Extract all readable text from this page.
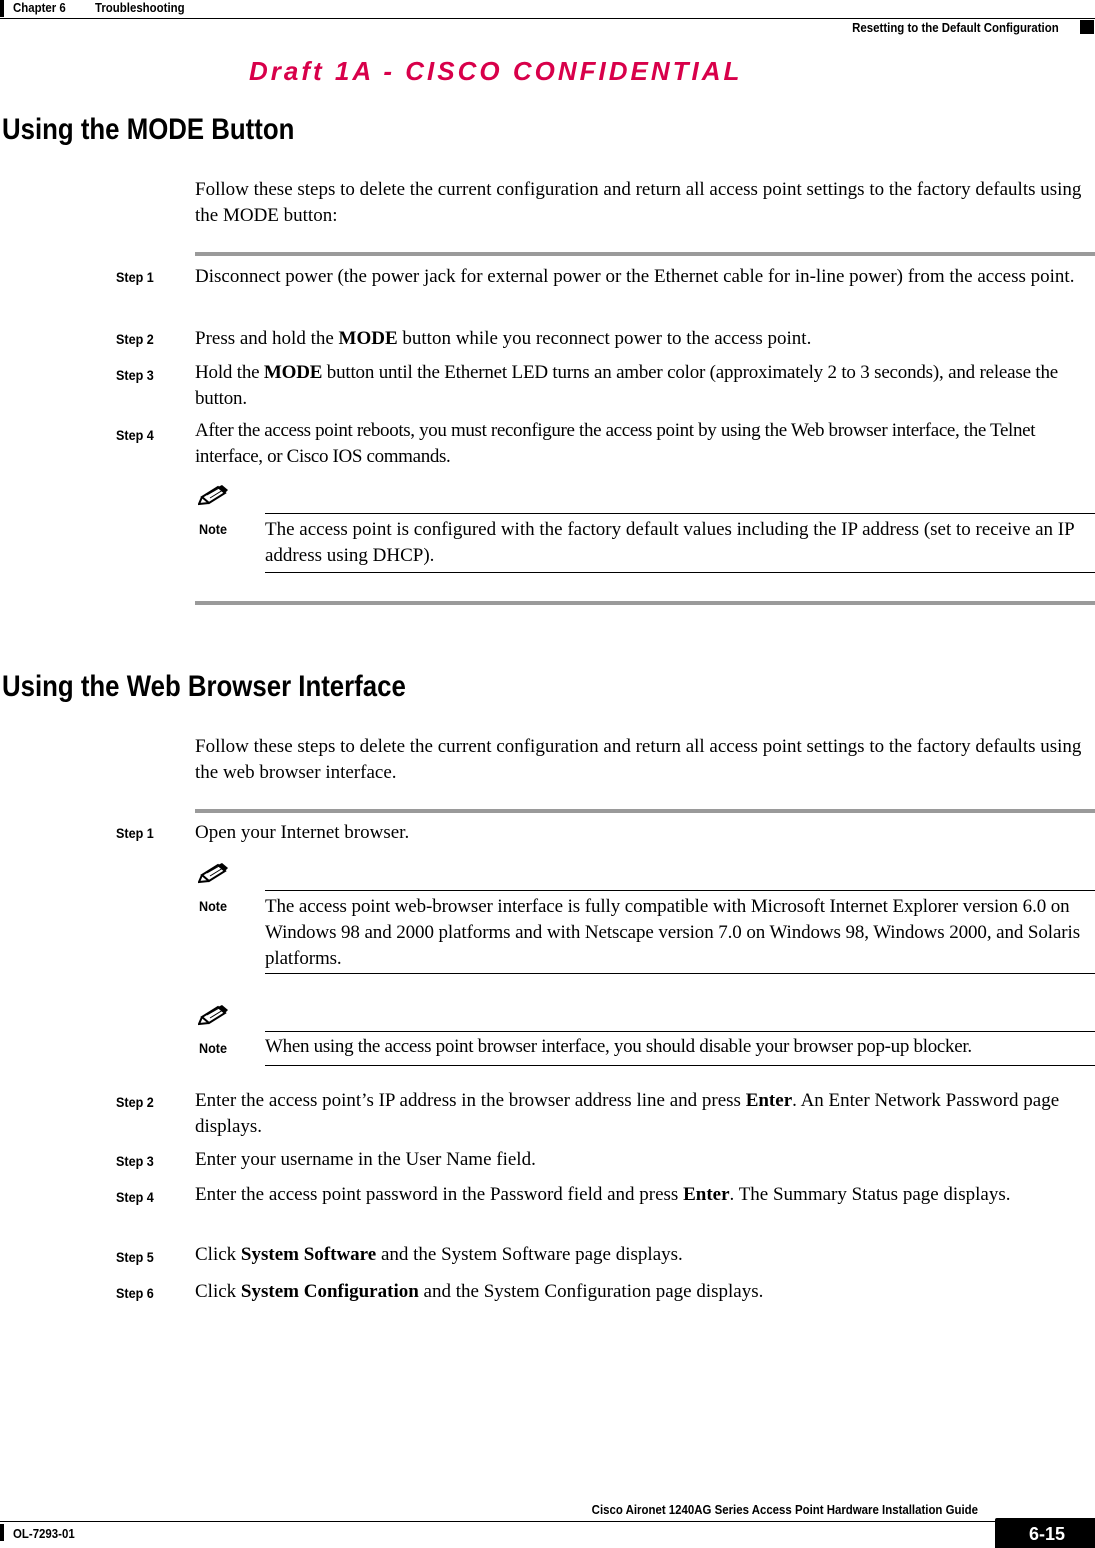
Chapter 6 Troubleshooting
Resetting to the Default Configuration
Draft 1A - CISCO CONFIDENTIAL
Using the MODE Button
Follow these steps to delete the current configuration and return all access point settings to the factory defaults using the MODE button:
Step 1 Disconnect power (the power jack for external power or the Ethernet cable for in-line power) from the access point.
Step 2 Press and hold the MODE button while you reconnect power to the access point.
Step 3 Hold the MODE button until the Ethernet LED turns an amber color (approximately 2 to 3 seconds), and release the button.
Step 4 After the access point reboots, you must reconfigure the access point by using the Web browser interface, the Telnet interface, or Cisco IOS commands.
Note The access point is configured with the factory default values including the IP address (set to receive an IP address using DHCP).
Using the Web Browser Interface
Follow these steps to delete the current configuration and return all access point settings to the factory defaults using the web browser interface.
Step 1 Open your Internet browser.
Note The access point web-browser interface is fully compatible with Microsoft Internet Explorer version 6.0 on Windows 98 and 2000 platforms and with Netscape version 7.0 on Windows 98, Windows 2000, and Solaris platforms.
Note When using the access point browser interface, you should disable your browser pop-up blocker.
Step 2 Enter the access point’s IP address in the browser address line and press Enter. An Enter Network Password page displays.
Step 3 Enter your username in the User Name field.
Step 4 Enter the access point password in the Password field and press Enter. The Summary Status page displays.
Step 5 Click System Software and the System Software page displays.
Step 6 Click System Configuration and the System Configuration page displays.
Cisco Aironet 1240AG Series Access Point Hardware Installation Guide
OL-7293-01	6-15
